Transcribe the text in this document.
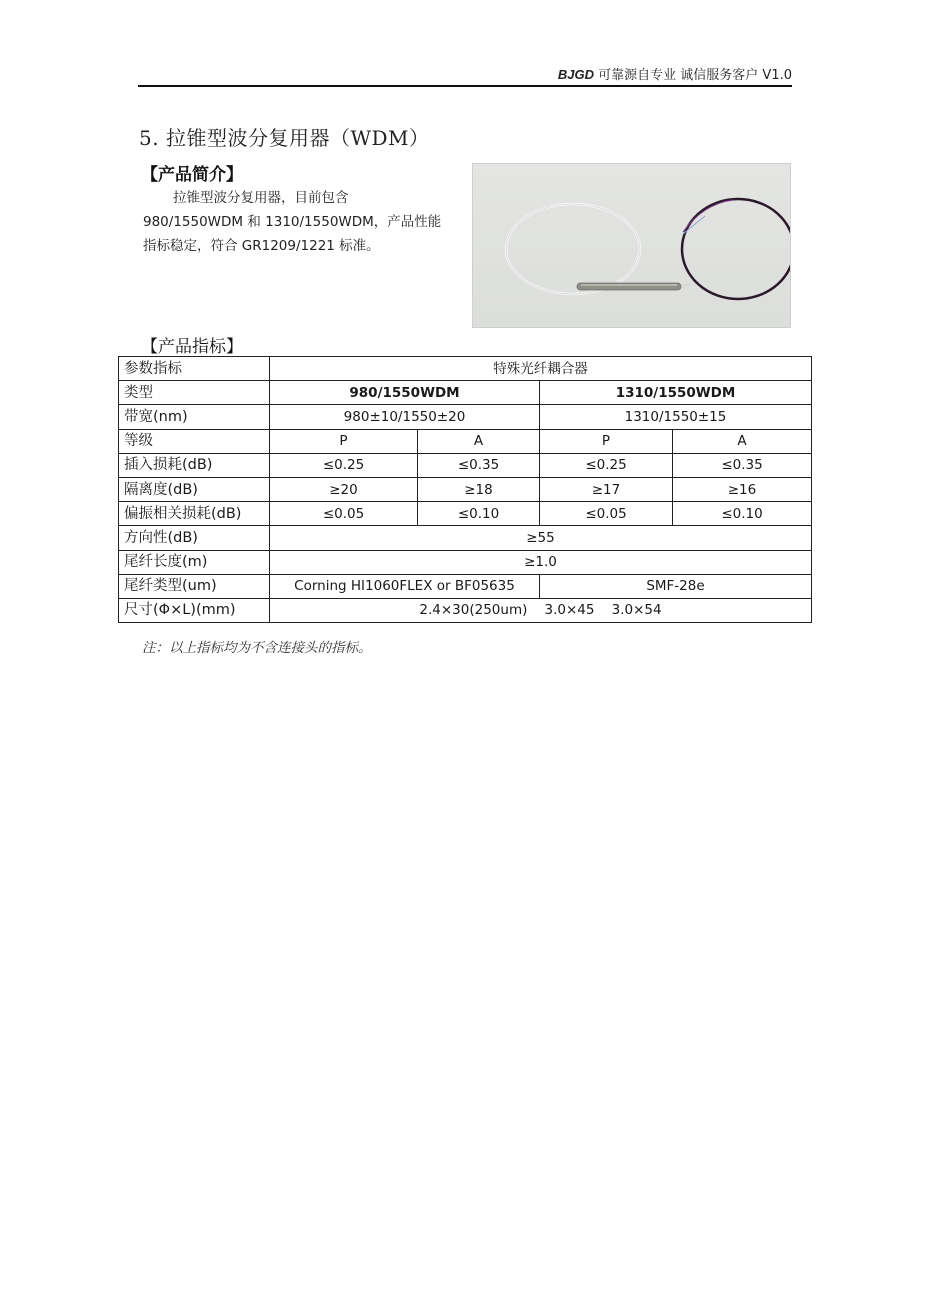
BJGD 可靠源自专业 诚信服务客户 V1.0
5. 拉锥型波分复用器（WDM）
【产品简介】
拉锥型波分复用器，目前包含
980/1550WDM 和 1310/1550WDM，产品性能
指标稳定，符合 GR1209/1221 标准。
【产品指标】
参数指标	特殊光纤耦合器			
类型	980/1550WDM		1310/1550WDM	
带宽(nm)	980±10/1550±20		1310/1550±15	
等级	P	A	P	A
插入损耗(dB)	≤0.25	≤0.35	≤0.25	≤0.35
隔离度(dB)	≥20	≥18	≥17	≥16
偏振相关损耗(dB)	≤0.05	≤0.10	≤0.05	≤0.10
方向性(dB)	≥55			
尾纤长度(m)	≥1.0			
尾纤类型(um)	Corning HI1060FLEX or BF05635		SMF-28e	
尺寸(Φ×L)(mm)	2.4×30(250um)    3.0×45    3.0×54			
注：以上指标均为不含连接头的指标。
